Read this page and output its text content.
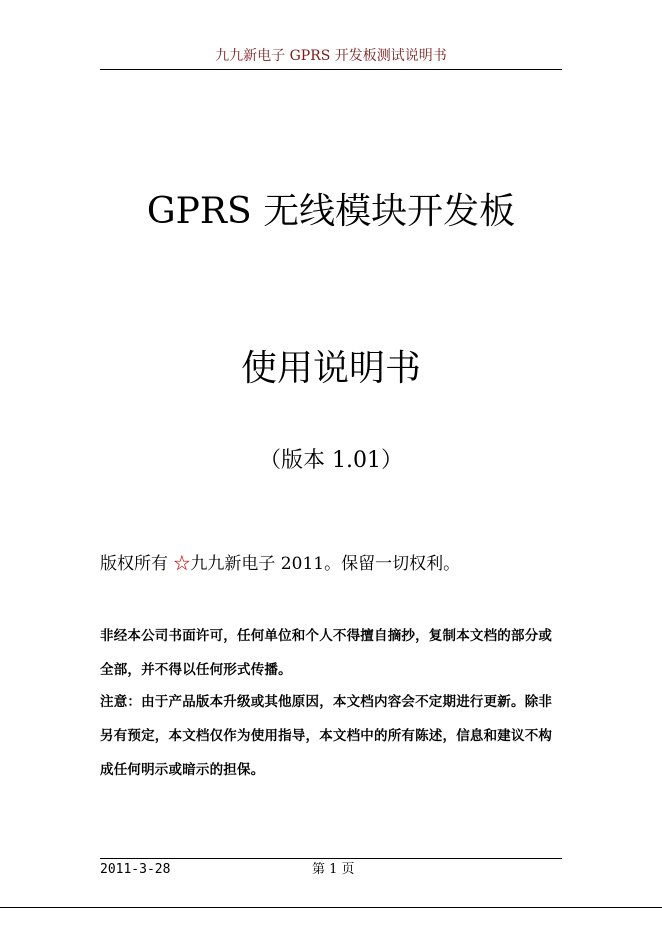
九九新电子 GPRS 开发板测试说明书
GPRS 无线模块开发板
使用说明书
（版本 1.01）
版权所有 ☆九九新电子 2011。保留一切权利。
非经本公司书面许可，任何单位和个人不得擅自摘抄，复制本文档的部分或全部，并不得以任何形式传播。
注意：由于产品版本升级或其他原因，本文档内容会不定期进行更新。除非另有预定，本文档仅作为使用指导，本文档中的所有陈述，信息和建议不构成任何明示或暗示的担保。
2011-3-28	第 1 页
